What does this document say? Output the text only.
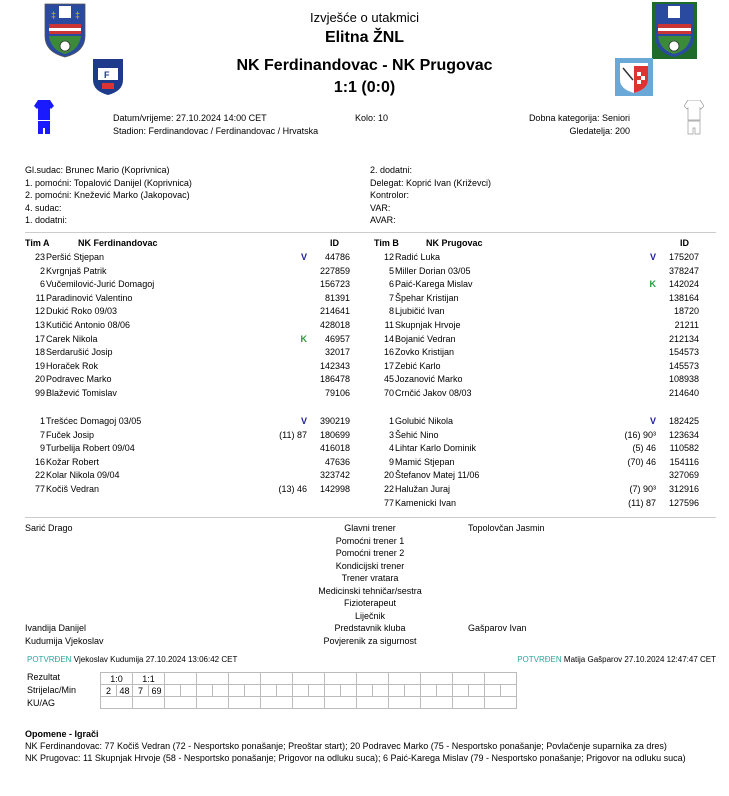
‡ ‡
F
Izvješće o utakmici
Elitna ŽNL
NK Ferdinandovac - NK Prugovac
1:1 (0:0)
Datum/vrijeme: 27.10.2024 14:00 CET
Stadion: Ferdinandovac / Ferdinandovac / Hrvatska
Kolo: 10	Dobna kategorija: Seniori
Gledatelja: 200
Gl.sudac: Brunec Mario (Koprivnica)
1. pomoćni: Topalović Danijel (Koprivnica)
2. pomoćni: Knežević Marko (Jakopovac)
4. sudac:
1. dodatni:
2. dodatni:
Delegat: Koprić Ivan (Križevci)
Kontrolor:
VAR:
AVAR:
Tim A	NK Ferdinandovac	ID	Tim B	NK Prugovac	ID
23 Peršić Stjepan	V	44786
2 Kvrgnjaš Patrik	227859
6 Vučemilović-Jurić Domagoj	156723
11 Paradinović Valentino	81391
12 Dukić Roko 09/03	214641
13 Kutičić Antonio 08/06	428018
17 Carek Nikola	K	46957
18 Serdarušić Josip	32017
19 Horaček Rok	142343
20 Podravec Marko	186478
99 Blažević Tomislav	79106
1 Trešćec Domagoj 03/05	V	390219
7 Fuček Josip	(11) 87	180699
9 Turbelija Robert 09/04	416018
16 Kožar Robert	47636
22 Kolar Nikola 09/04	323742
77 Kočiš Vedran	(13) 46	142998
12 Radić Luka	V	175207
5 Miller Dorian 03/05	378247
6 Paić-Karega Mislav	K	142024
7 Špehar Kristijan	138164
8 Ljubičić Ivan	18720
11 Skupnjak Hrvoje	21211
14 Bojanić Vedran	212134
16 Zovko Kristijan	154573
17 Zebić Karlo	145573
45 Jozanović Marko	108938
70 Crnčić Jakov 08/03	214640
1 Golubić Nikola	V	182425
3 Šehić Nino	(16) 90³	123634
4 Lihtar Karlo Dominik	(5) 46	110582
9 Mamić Stjepan	(70) 46	154116
20 Štefanov Matej 11/06	327069
22 Halužan Juraj	(7) 90³	312916
77 Kamenicki Ivan	(11) 87	127596
Sarić Drago	Glavni trener	Topolovčan Jasmin
Pomoćni trener 1
Pomoćni trener 2
Kondicijski trener
Trener vratara
Medicinski tehničar/sestra
Fizioterapeut
Liječnik
Ivandija Danijel	Predstavnik kluba	Gašparov Ivan
Kudumija Vjekoslav	Povjerenik za sigurnost
POTVRĐEN Vjekoslav Kudumija 27.10.2024 13:06:42 CET	POTVRĐEN Matija Gašparov 27.10.2024 12:47:47 CET
Rezultat
Strijelac/Min
KU/AG
1:0		1:1																							
2	48	7	69																						

Opomene - Igrači
NK Ferdinandovac: 77 Kočiš Vedran (72 - Nesportsko ponašanje; Preoštar start); 20 Podravec Marko (75 - Nesportsko ponašanje; Povlačenje suparnika za dres)
NK Prugovac: 11 Skupnjak Hrvoje (58 - Nesportsko ponašanje; Prigovor na odluku suca); 6 Paić-Karega Mislav (79 - Nesportsko ponašanje; Prigovor na odluku suca)
